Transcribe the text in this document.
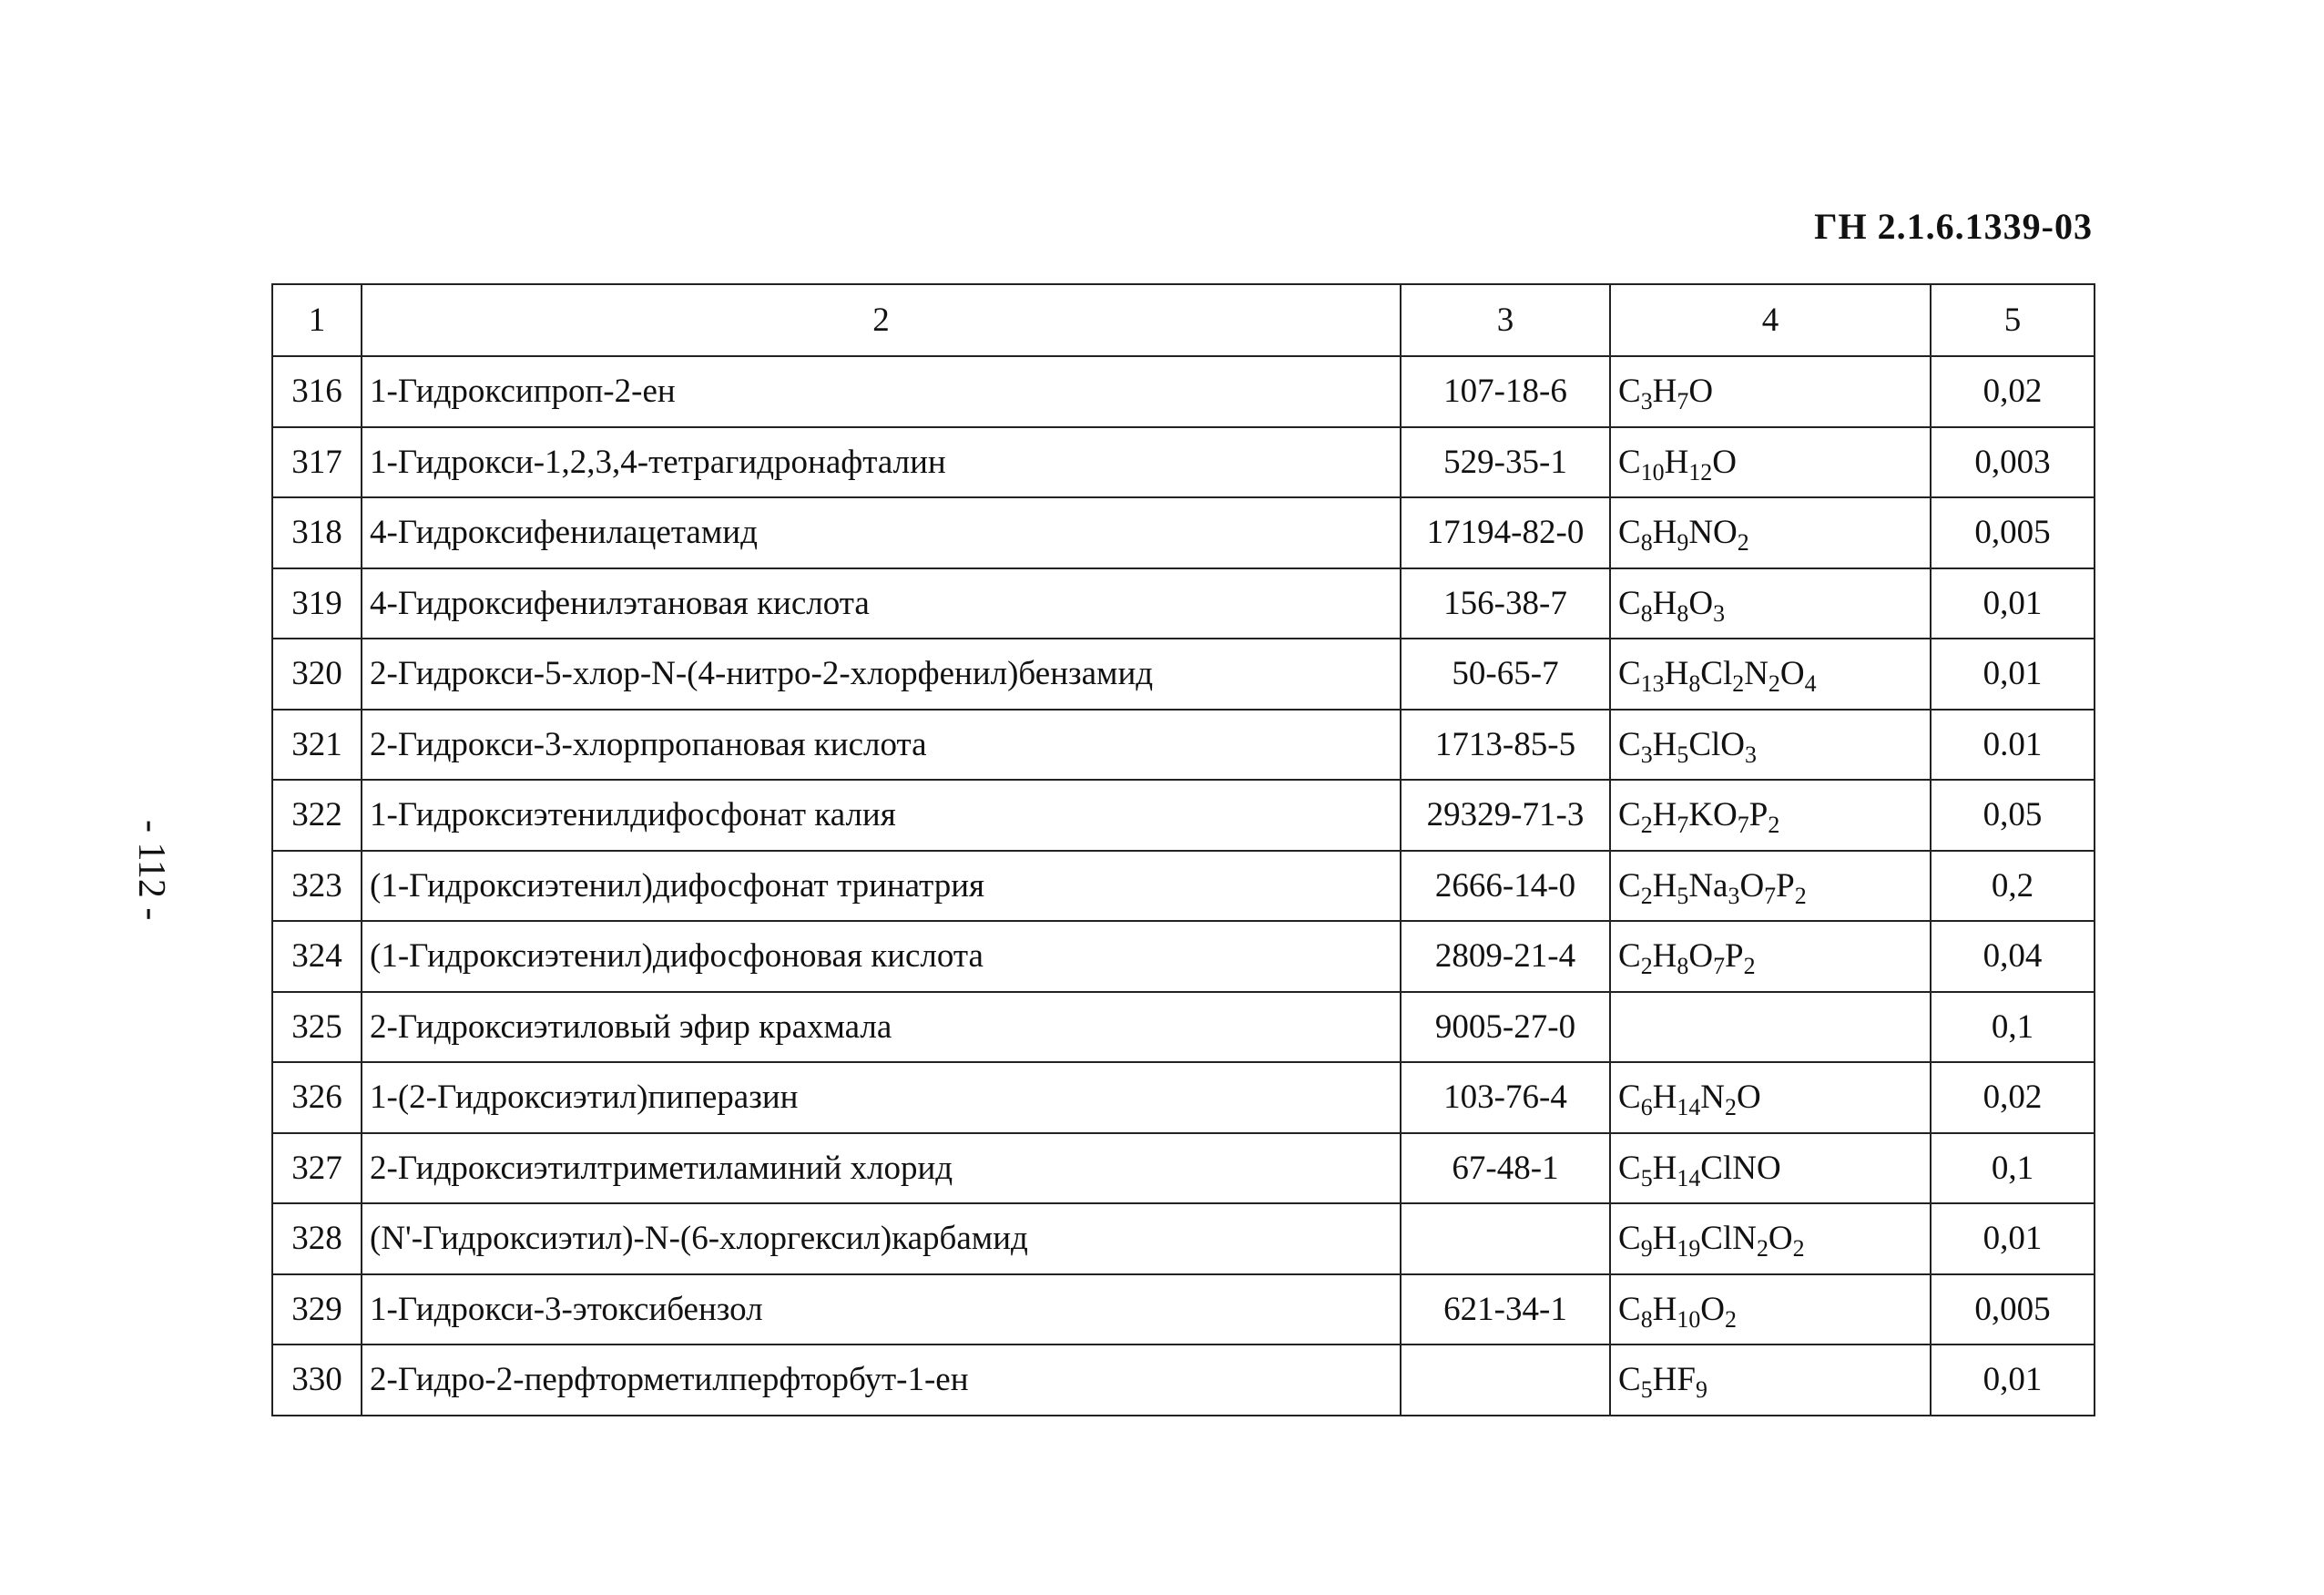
ГН 2.1.6.1339-03
- 112 -
1	2	3	4	5
316	1-Гидроксипроп-2-ен	107-18-6	$C_3H_7O$	0,02
317	1-Гидрокси-1,2,3,4-тетрагидронафталин	529-35-1	$C_{10}H_{12}O$	0,003
318	4-Гидроксифенилацетамид	17194-82-0	$C_8H_9NO_2$	0,005
319	4-Гидроксифенилэтановая кислота	156-38-7	$C_8H_8O_3$	0,01
320	2-Гидрокси-5-хлор-N-(4-нитро-2-хлорфенил)бензамид	50-65-7	$C_{13}H_8Cl_2N_2O_4$	0,01
321	2-Гидрокси-3-хлорпропановая кислота	1713-85-5	$C_3H_5ClO_3$	0.01
322	1-Гидроксиэтенилдифосфонат калия	29329-71-3	$C_2H_7KO_7P_2$	0,05
323	(1-Гидроксиэтенил)дифосфонат тринатрия	2666-14-0	$C_2H_5Na_3O_7P_2$	0,2
324	(1-Гидроксиэтенил)дифосфоновая кислота	2809-21-4	$C_2H_8O_7P_2$	0,04
325	2-Гидроксиэтиловый эфир крахмала	9005-27-0		0,1
326	1-(2-Гидроксиэтил)пиперазин	103-76-4	$C_6H_{14}N_2O$	0,02
327	2-Гидроксиэтилтриметиламиний хлорид	67-48-1	$C_5H_{14}ClNO$	0,1
328	(N'-Гидроксиэтил)-N-(6-хлоргексил)карбамид		$C_9H_{19}ClN_2O_2$	0,01
329	1-Гидрокси-3-этоксибензол	621-34-1	$C_8H_{10}O_2$	0,005
330	2-Гидро-2-перфторметилперфторбут-1-ен		$C_5HF_9$	0,01
